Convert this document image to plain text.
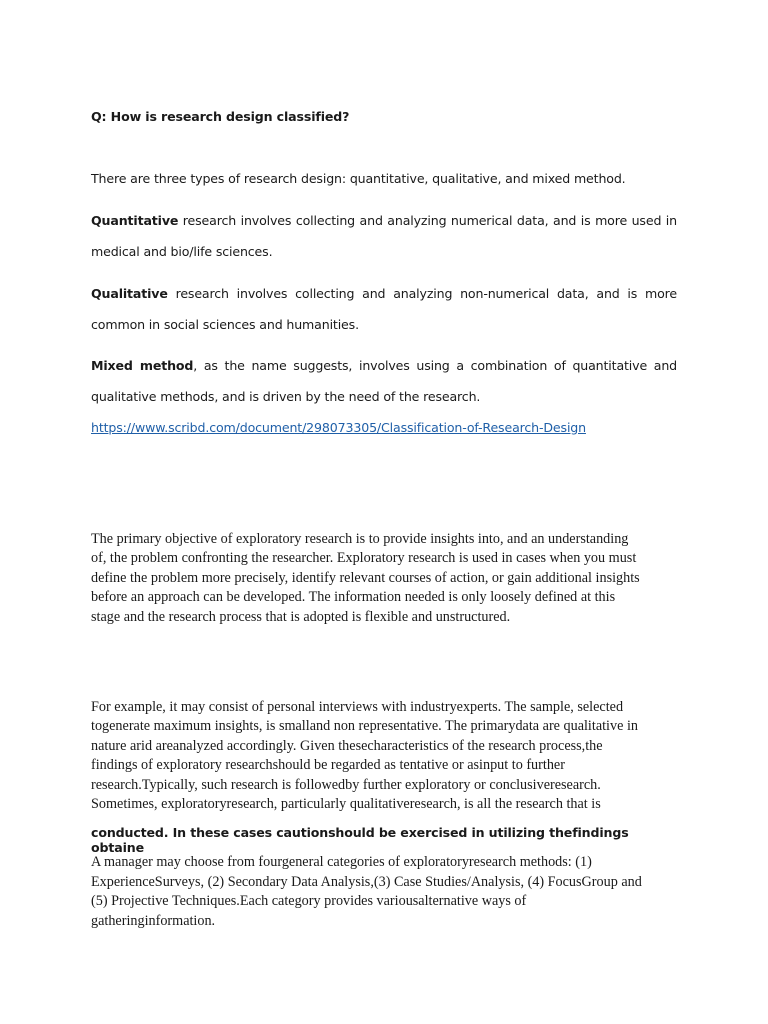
Q: How is research design classified?

There are three types of research design: quantitative, qualitative, and mixed method.

Quantitative research involves collecting and analyzing numerical data, and is more used in medical and bio/life sciences.

Qualitative research involves collecting and analyzing non-numerical data, and is more common in social sciences and humanities.

Mixed method, as the name suggests, involves using a combination of quantitative and qualitative methods, and is driven by the need of the research.

https://www.scribd.com/document/298073305/Classification-of-Research-Design
The primary objective of exploratory research is to provide insights into, and an understanding
of, the problem confronting the researcher. Exploratory research is used in cases when you must
define the problem more precisely, identify relevant courses of action, or gain additional insights
before an approach can be developed. The information needed is only loosely defined at this
stage and the research process that is adopted is flexible and unstructured.
For example, it may consist of personal interviews with industryexperts. The sample, selected
togenerate maximum insights, is smalland non representative. The primarydata are qualitative in
nature arid areanalyzed accordingly. Given thesecharacteristics of the research process,the
findings of exploratory researchshould be regarded as tentative or asinput to further
research.Typically, such research is followedby further exploratory or conclusiveresearch.
Sometimes, exploratoryresearch, particularly qualitativeresearch, is all the research that is

conducted. In these cases cautionshould be exercised in utilizing thefindings obtaine

A manager may choose from fourgeneral categories of exploratoryresearch methods: (1)
ExperienceSurveys, (2) Secondary Data Analysis,(3) Case Studies/Analysis, (4) FocusGroup and
(5) Projective Techniques.Each category provides variousalternative ways of
gatheringinformation.
